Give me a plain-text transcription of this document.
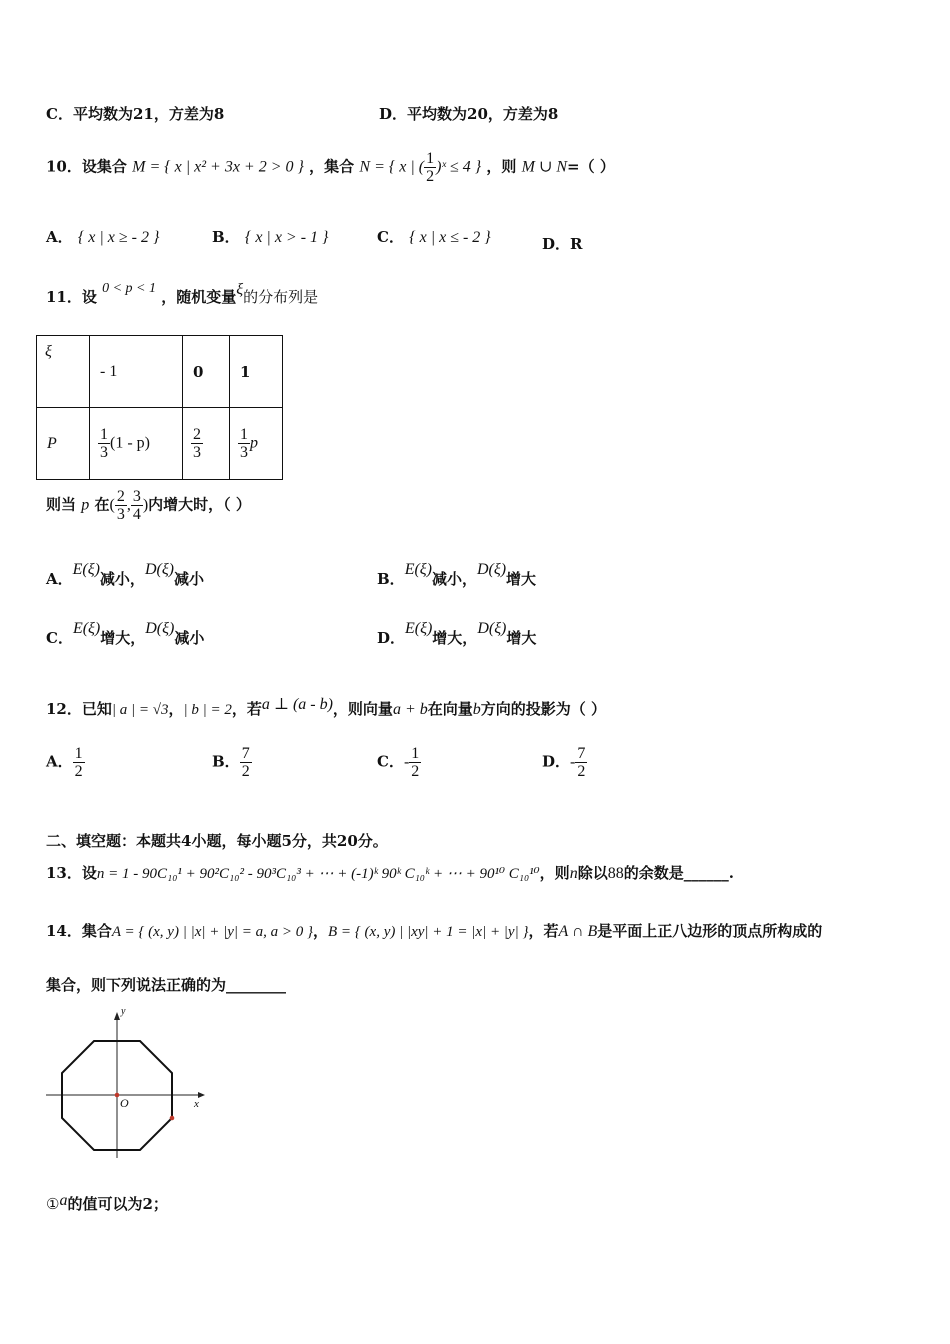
C．平均数为21，方差为8	D．平均数为20，方差为8
10．设集合 M = { x | x² + 3x + 2 > 0 } ，集合 N = { x | ( $\frac{1}{2}$ )ˣ ≤ 4 } ，则 M ∪ N=（ ）
A． { x | x ≥ - 2 }	B． { x | x > - 1 }	C． { x | x ≤ - 2 }	D．R
11．设 0 < p < 1 ，随机变量ξ的分布列是
ξ	- 1	0	1
P	$\frac{1}{3} (1 - p)$	$\frac{2}{3}$	$\frac{1}{3}$ p
则当 p 在( $\frac{2}{3}$ , $\frac{3}{4}$ )内增大时，（ ）
A．E(ξ)减小，D(ξ)减小	B．E(ξ)减小，D(ξ)增大
C．E(ξ)增大，D(ξ)减小	D．E(ξ)增大，D(ξ)增大
12．已知| a | = √3，| b | = 2，若a ⊥ (a - b)，则向量a + b在向量b方向的投影为（ ）
A． $\frac{1}{2}$	B． $\frac{7}{2}$	C．- $\frac{1}{2}$	D．- $\frac{7}{2}$
二、填空题：本题共4小题，每小题5分，共20分。
13．设n = 1 - 90C₁₀¹ + 90²C₁₀² - 90³C₁₀³ + ⋯ + (-1)ᵏ 90ᵏ C₁₀ᵏ + ⋯ + 90¹⁰ C₁₀¹⁰，则n除以88的余数是______.
14．集合A = { (x, y) | |x| + |y| = a, a > 0 }，B = { (x, y) | |xy| + 1 = |x| + |y| }，若A ∩ B是平面上正八边形的顶点所构成的
集合，则下列说法正确的为________
y
x
O
①a的值可以为2；
